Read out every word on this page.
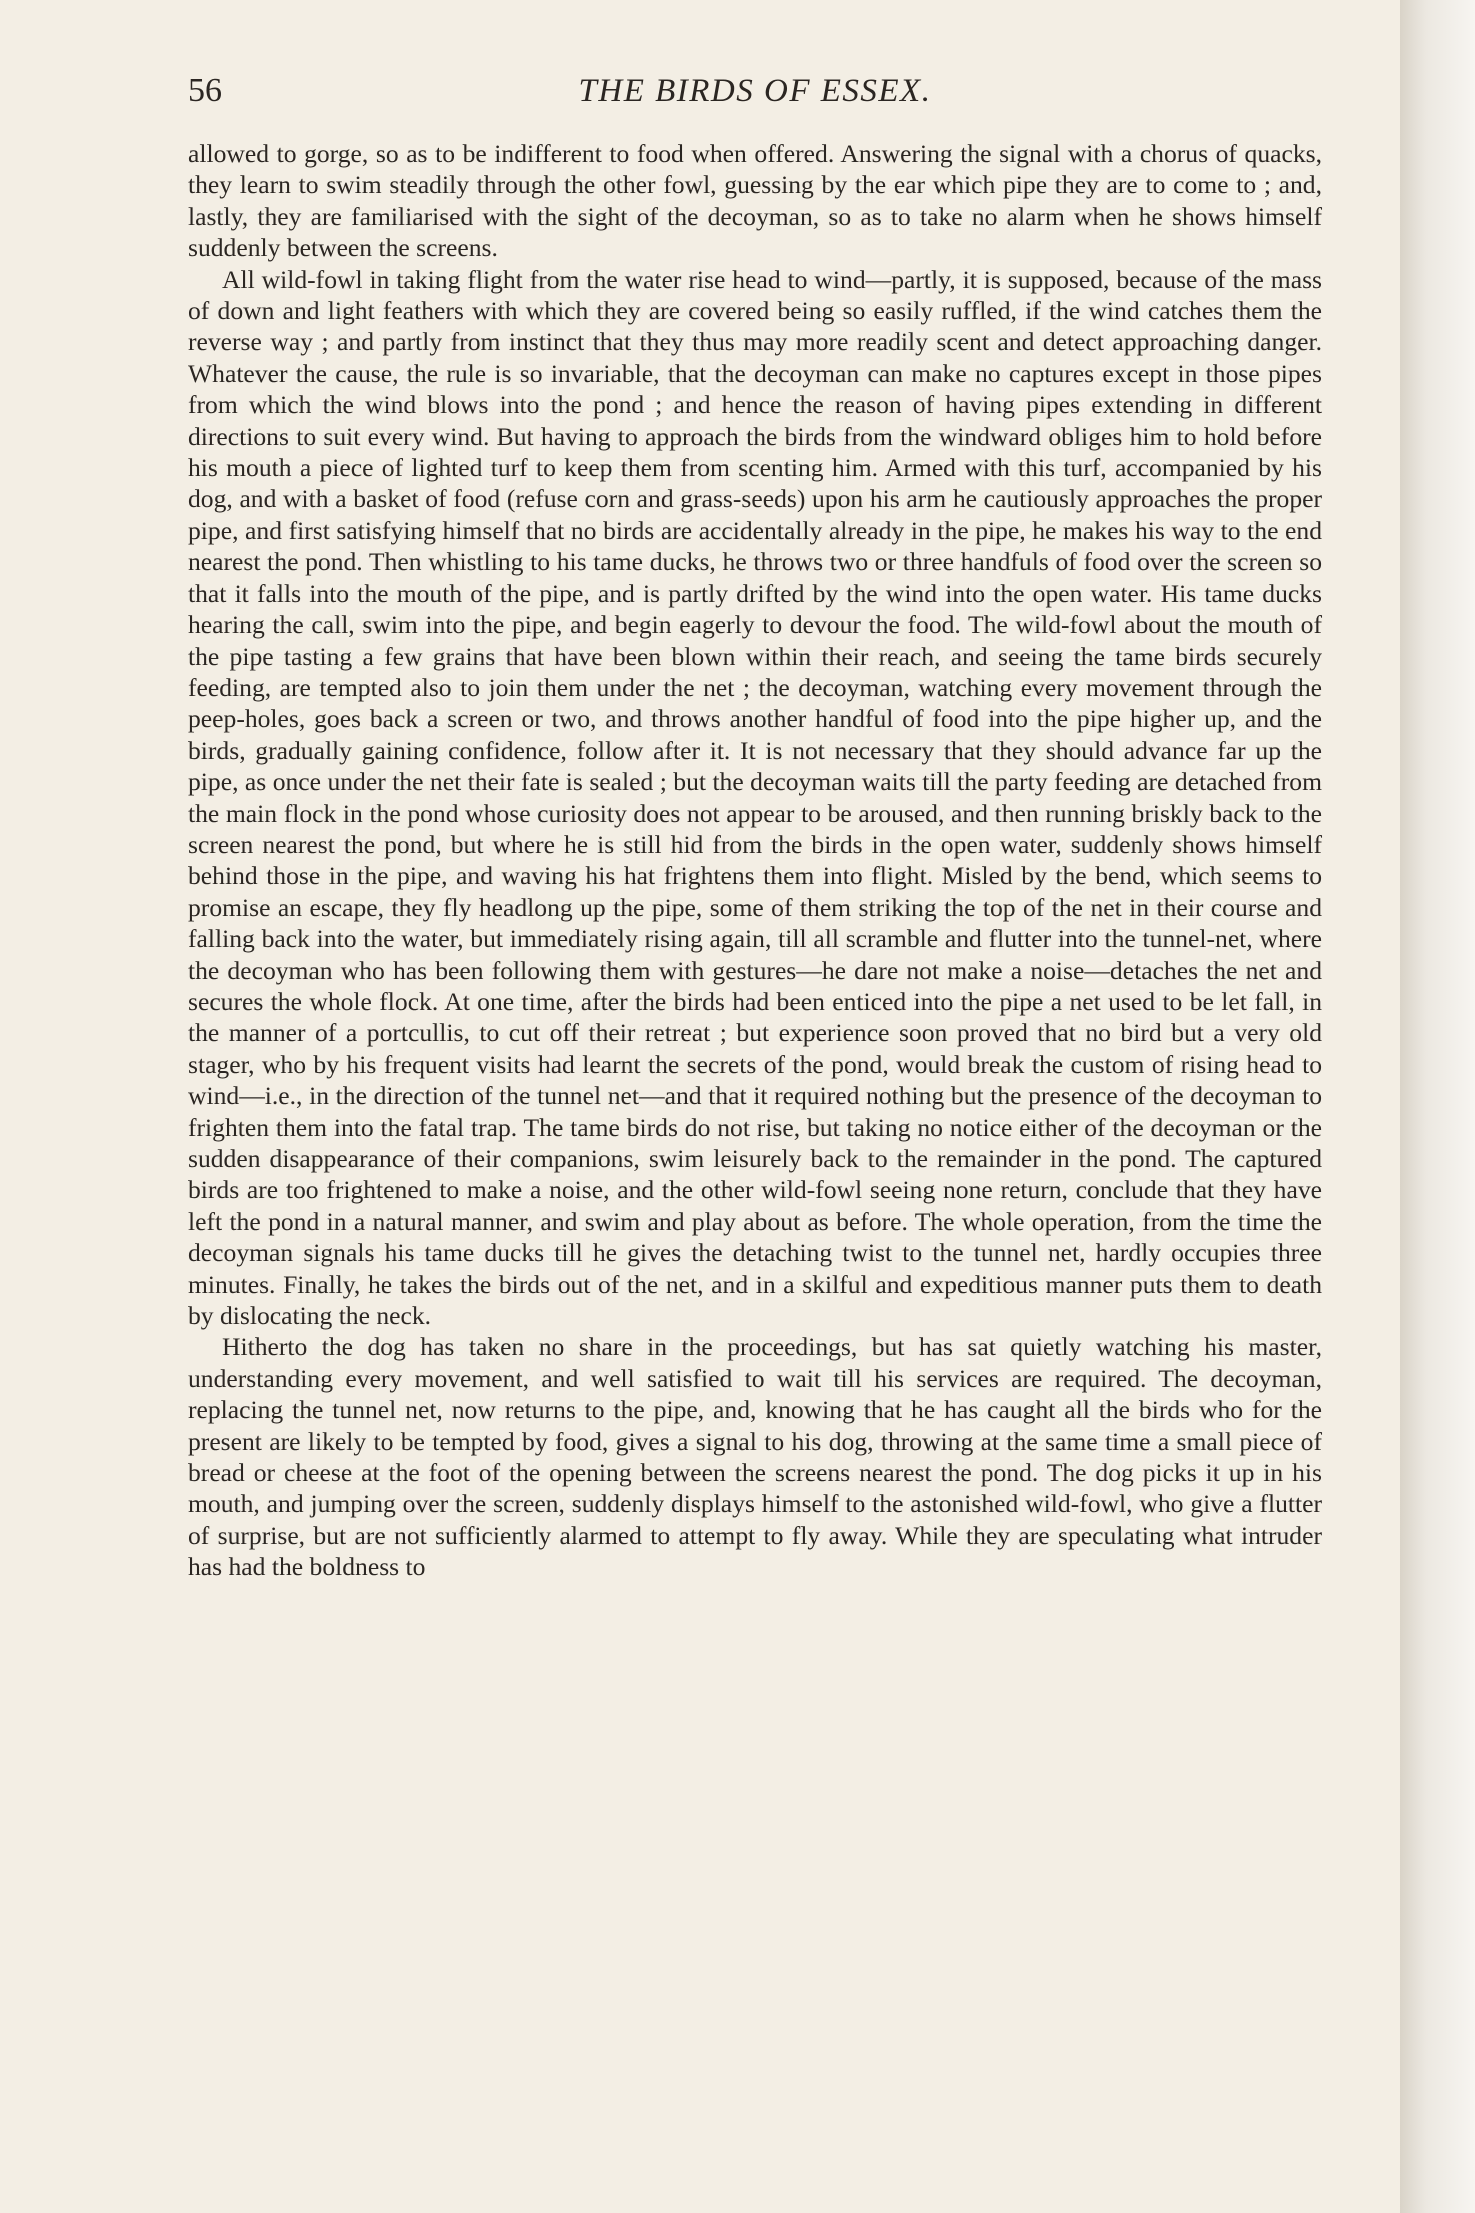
56	THE BIRDS OF ESSEX.

allowed to gorge, so as to be indifferent to food when offered. Answering the signal with a chorus of quacks, they learn to swim steadily through the other fowl, guessing by the ear which pipe they are to come to ; and, lastly, they are familiarised with the sight of the decoyman, so as to take no alarm when he shows himself suddenly between the screens.

All wild-fowl in taking flight from the water rise head to wind—partly, it is supposed, because of the mass of down and light feathers with which they are covered being so easily ruffled, if the wind catches them the reverse way ; and partly from instinct that they thus may more readily scent and detect approaching danger. Whatever the cause, the rule is so invariable, that the decoyman can make no captures except in those pipes from which the wind blows into the pond ; and hence the reason of having pipes extending in different directions to suit every wind. But having to approach the birds from the windward obliges him to hold before his mouth a piece of lighted turf to keep them from scenting him. Armed with this turf, accompanied by his dog, and with a basket of food (refuse corn and grass-seeds) upon his arm he cautiously approaches the proper pipe, and first satisfying himself that no birds are accidentally already in the pipe, he makes his way to the end nearest the pond. Then whistling to his tame ducks, he throws two or three handfuls of food over the screen so that it falls into the mouth of the pipe, and is partly drifted by the wind into the open water. His tame ducks hearing the call, swim into the pipe, and begin eagerly to devour the food. The wild-fowl about the mouth of the pipe tasting a few grains that have been blown within their reach, and seeing the tame birds securely feeding, are tempted also to join them under the net ; the decoyman, watching every movement through the peep-holes, goes back a screen or two, and throws another handful of food into the pipe higher up, and the birds, gradually gaining confidence, follow after it. It is not necessary that they should advance far up the pipe, as once under the net their fate is sealed ; but the decoyman waits till the party feeding are detached from the main flock in the pond whose curiosity does not appear to be aroused, and then running briskly back to the screen nearest the pond, but where he is still hid from the birds in the open water, suddenly shows himself behind those in the pipe, and waving his hat frightens them into flight. Misled by the bend, which seems to promise an escape, they fly headlong up the pipe, some of them striking the top of the net in their course and falling back into the water, but immediately rising again, till all scramble and flutter into the tunnel-net, where the decoyman who has been following them with gestures—he dare not make a noise—detaches the net and secures the whole flock. At one time, after the birds had been enticed into the pipe a net used to be let fall, in the manner of a portcullis, to cut off their retreat ; but experience soon proved that no bird but a very old stager, who by his frequent visits had learnt the secrets of the pond, would break the custom of rising head to wind—i.e., in the direction of the tunnel net—and that it required nothing but the presence of the decoyman to frighten them into the fatal trap. The tame birds do not rise, but taking no notice either of the decoyman or the sudden disappearance of their companions, swim leisurely back to the remainder in the pond. The captured birds are too frightened to make a noise, and the other wild-fowl seeing none return, conclude that they have left the pond in a natural manner, and swim and play about as before. The whole operation, from the time the decoyman signals his tame ducks till he gives the detaching twist to the tunnel net, hardly occupies three minutes. Finally, he takes the birds out of the net, and in a skilful and expeditious manner puts them to death by dislocating the neck.

Hitherto the dog has taken no share in the proceedings, but has sat quietly watching his master, understanding every movement, and well satisfied to wait till his services are required. The decoyman, replacing the tunnel net, now returns to the pipe, and, knowing that he has caught all the birds who for the present are likely to be tempted by food, gives a signal to his dog, throwing at the same time a small piece of bread or cheese at the foot of the opening between the screens nearest the pond. The dog picks it up in his mouth, and jumping over the screen, suddenly displays himself to the astonished wild-fowl, who give a flutter of surprise, but are not sufficiently alarmed to attempt to fly away. While they are speculating what intruder has had the boldness to
